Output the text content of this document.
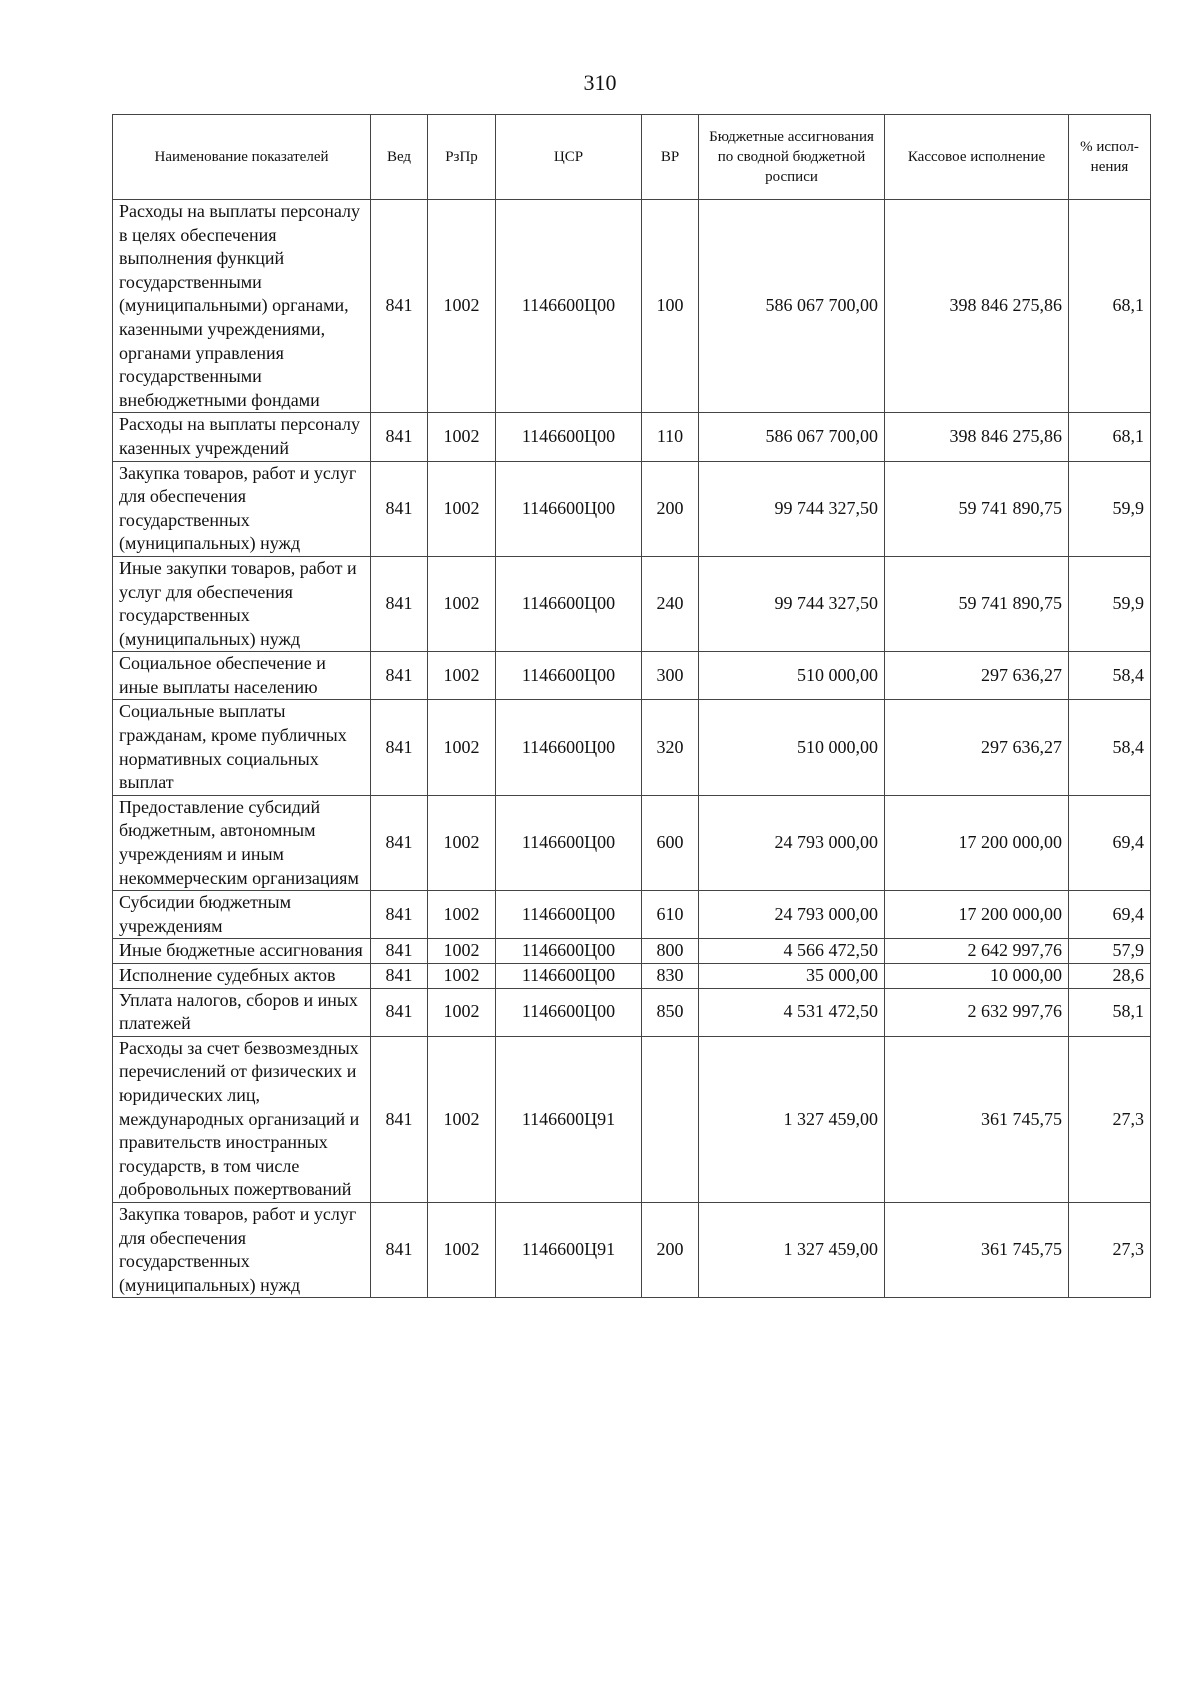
310
Наименование показателей	Вед	РзПр	ЦСР	ВР	Бюджетные ассигнования по сводной бюджетной росписи	Кассовое исполнение	% испол-нения
Расходы на выплаты персоналу в целях обеспечения выполнения функций государственными (муниципальными) органами, казенными учреждениями, органами управления государственными внебюджетными фондами	841	1002	1146600Ц00	100	586 067 700,00	398 846 275,86	68,1
Расходы на выплаты персоналу казенных учреждений	841	1002	1146600Ц00	110	586 067 700,00	398 846 275,86	68,1
Закупка товаров, работ и услуг для обеспечения государственных (муниципальных) нужд	841	1002	1146600Ц00	200	99 744 327,50	59 741 890,75	59,9
Иные закупки товаров, работ и услуг для обеспечения государственных (муниципальных) нужд	841	1002	1146600Ц00	240	99 744 327,50	59 741 890,75	59,9
Социальное обеспечение и иные выплаты населению	841	1002	1146600Ц00	300	510 000,00	297 636,27	58,4
Социальные выплаты гражданам, кроме публичных нормативных социальных выплат	841	1002	1146600Ц00	320	510 000,00	297 636,27	58,4
Предоставление субсидий бюджетным, автономным учреждениям и иным некоммерческим организациям	841	1002	1146600Ц00	600	24 793 000,00	17 200 000,00	69,4
Субсидии бюджетным учреждениям	841	1002	1146600Ц00	610	24 793 000,00	17 200 000,00	69,4
Иные бюджетные ассигнования	841	1002	1146600Ц00	800	4 566 472,50	2 642 997,76	57,9
Исполнение судебных актов	841	1002	1146600Ц00	830	35 000,00	10 000,00	28,6
Уплата налогов, сборов и иных платежей	841	1002	1146600Ц00	850	4 531 472,50	2 632 997,76	58,1
Расходы за счет безвозмездных перечислений от физических и юридических лиц, международных организаций и правительств иностранных государств, в том числе добровольных пожертвований	841	1002	1146600Ц91		1 327 459,00	361 745,75	27,3
Закупка товаров, работ и услуг для обеспечения государственных (муниципальных) нужд	841	1002	1146600Ц91	200	1 327 459,00	361 745,75	27,3
